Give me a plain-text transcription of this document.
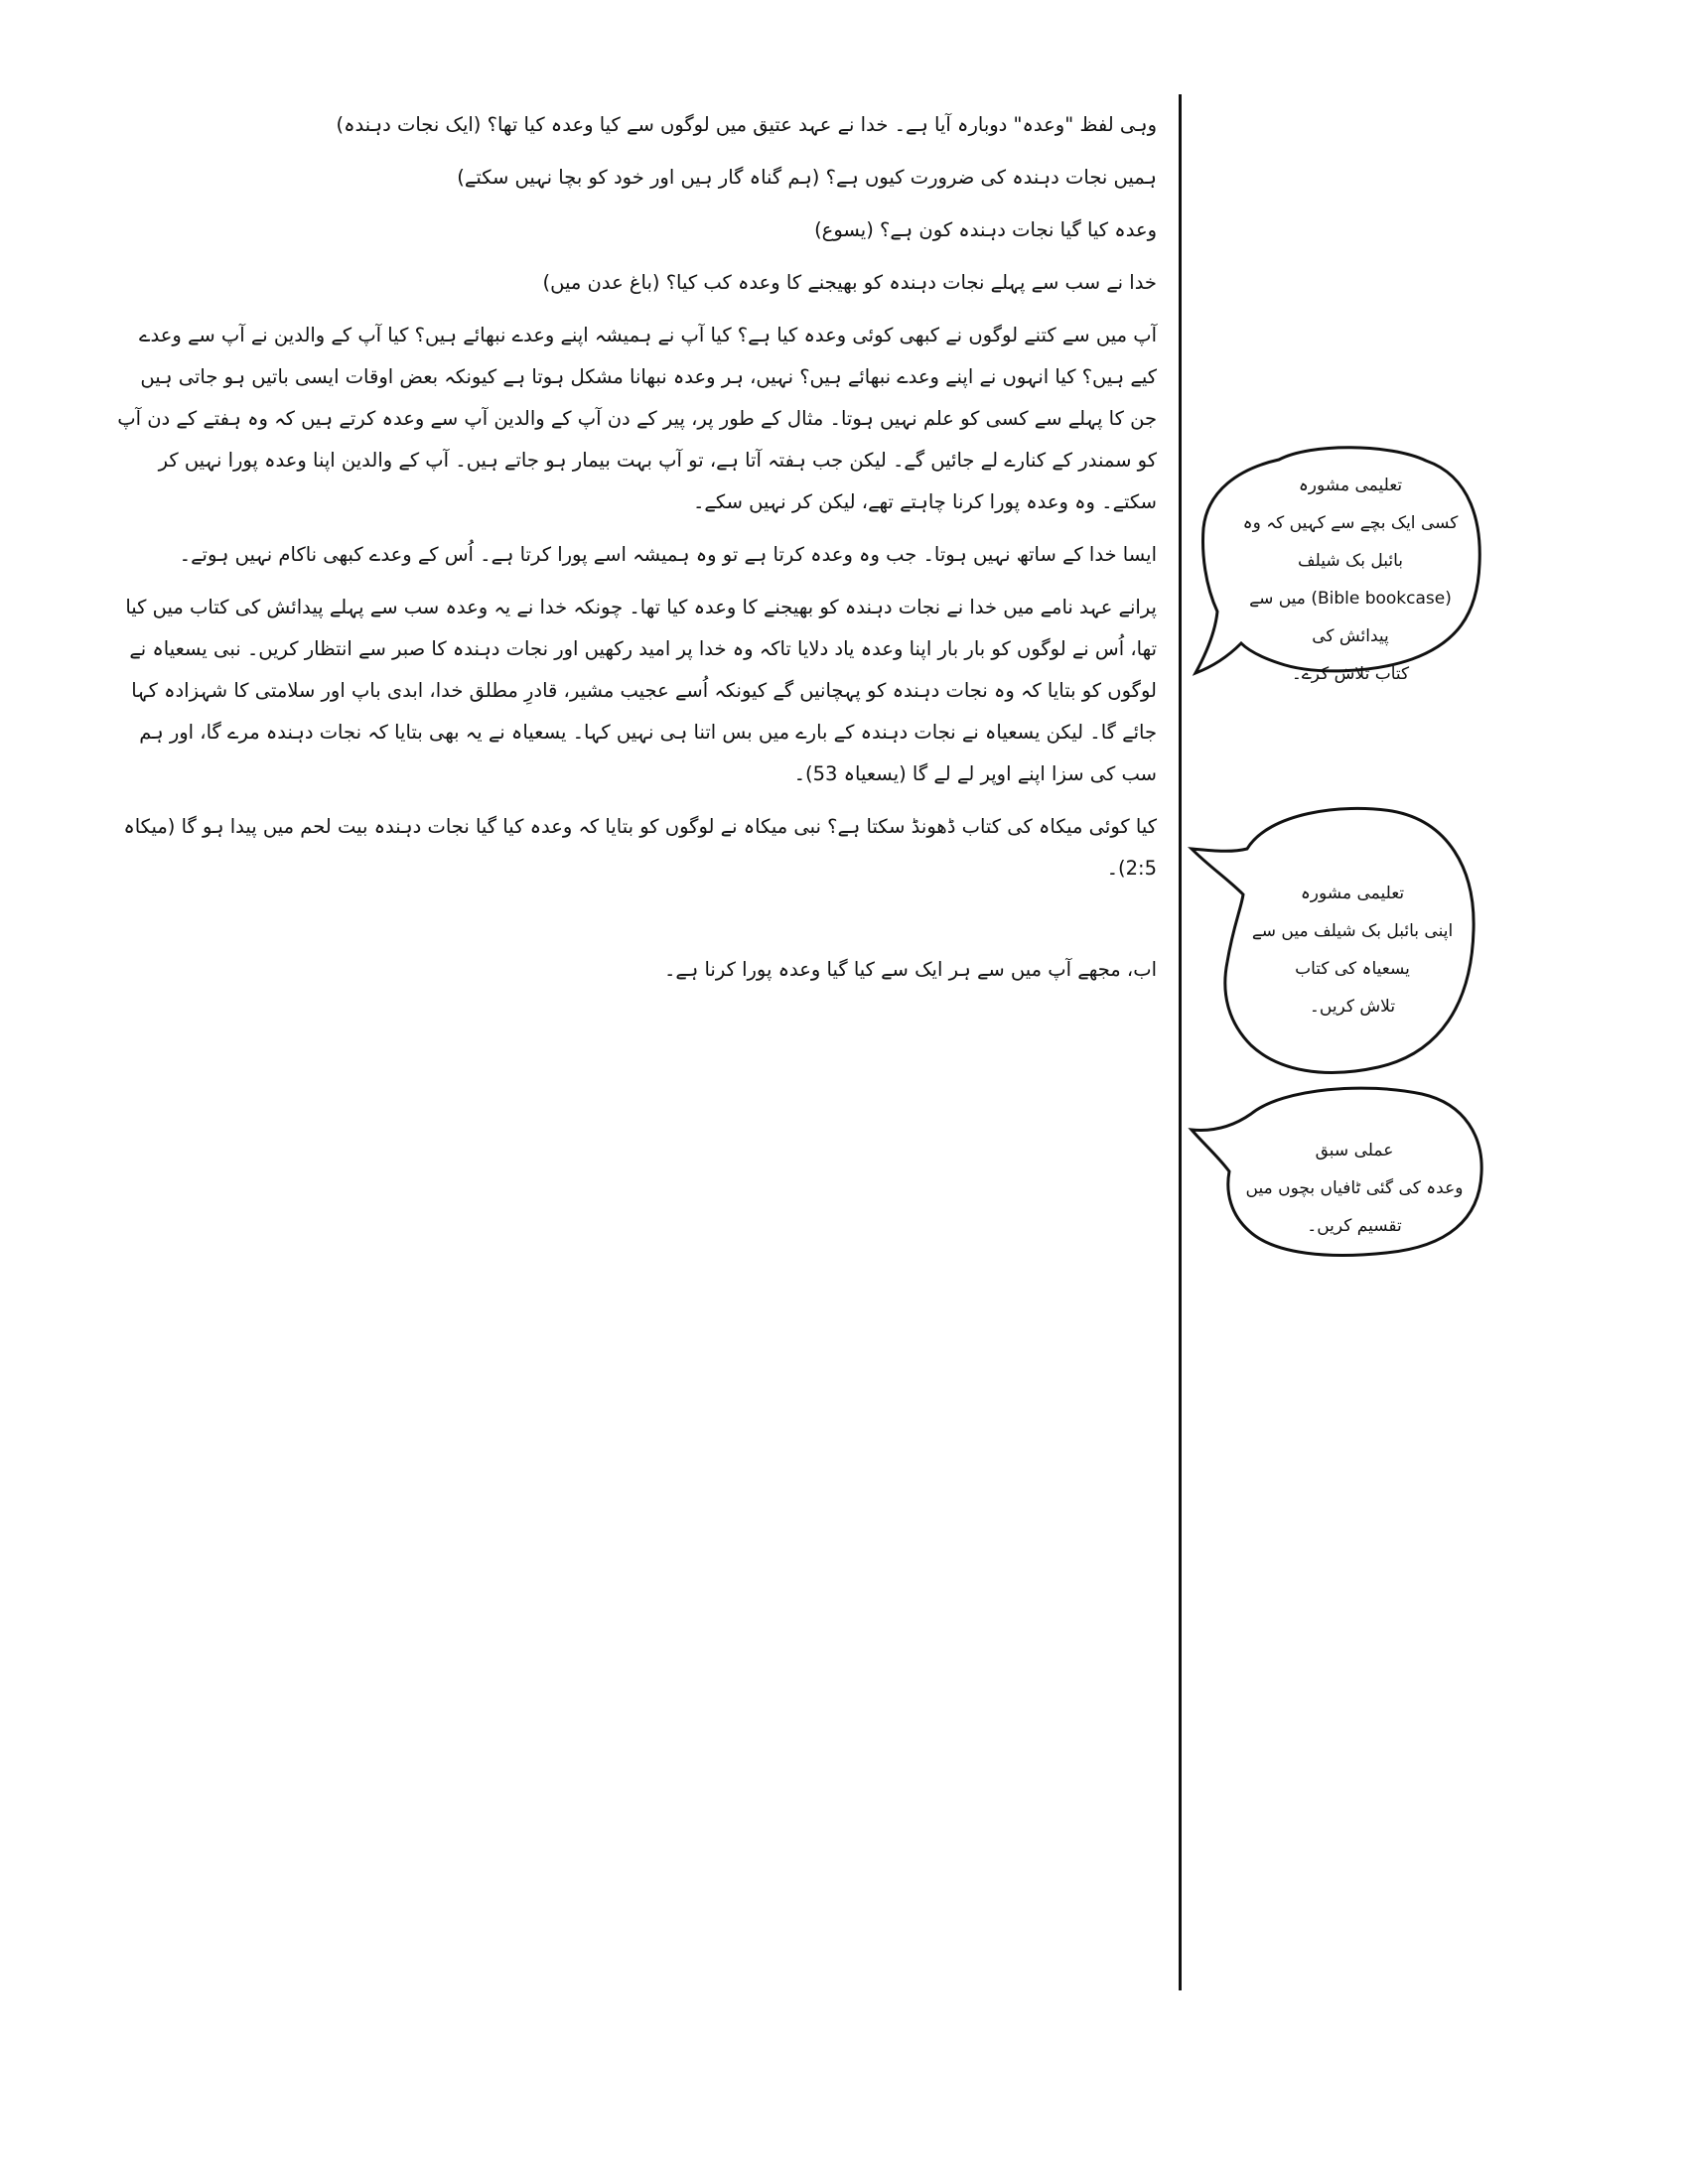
وہی لفظ "وعدہ" دوبارہ آیا ہے۔ خدا نے عہد عتیق میں لوگوں سے کیا وعدہ کیا تھا؟ (ایک نجات دہندہ)

ہمیں نجات دہندہ کی ضرورت کیوں ہے؟ (ہم گناہ گار ہیں اور خود کو بچا نہیں سکتے)

وعدہ کیا گیا نجات دہندہ کون ہے؟ (یسوع)

خدا نے سب سے پہلے نجات دہندہ کو بھیجنے کا وعدہ کب کیا؟ (باغ عدن میں)

آپ میں سے کتنے لوگوں نے کبھی کوئی وعدہ کیا ہے؟ کیا آپ نے ہمیشہ اپنے وعدے نبھائے ہیں؟ کیا آپ کے والدین نے آپ سے وعدے کیے ہیں؟ کیا انہوں نے اپنے وعدے نبھائے ہیں؟ نہیں، ہر وعدہ نبھانا مشکل ہوتا ہے کیونکہ بعض اوقات ایسی باتیں ہو جاتی ہیں جن کا پہلے سے کسی کو علم نہیں ہوتا۔ مثال کے طور پر، پیر کے دن آپ کے والدین آپ سے وعدہ کرتے ہیں کہ وہ ہفتے کے دن آپ کو سمندر کے کنارے لے جائیں گے۔ لیکن جب ہفتہ آتا ہے، تو آپ بہت بیمار ہو جاتے ہیں۔ آپ کے والدین اپنا وعدہ پورا نہیں کر سکتے۔ وہ وعدہ پورا کرنا چاہتے تھے، لیکن کر نہیں سکے۔

ایسا خدا کے ساتھ نہیں ہوتا۔ جب وہ وعدہ کرتا ہے تو وہ ہمیشہ اسے پورا کرتا ہے۔ اُس کے وعدے کبھی ناکام نہیں ہوتے۔

پرانے عہد نامے میں خدا نے نجات دہندہ کو بھیجنے کا وعدہ کیا تھا۔ چونکہ خدا نے یہ وعدہ سب سے پہلے پیدائش کی کتاب میں کیا تھا، اُس نے لوگوں کو بار بار اپنا وعدہ یاد دلایا تاکہ وہ خدا پر امید رکھیں اور نجات دہندہ کا صبر سے انتظار کریں۔ نبی یسعیاہ نے لوگوں کو بتایا کہ وہ نجات دہندہ کو پہچانیں گے کیونکہ اُسے عجیب مشیر، قادرِ مطلق خدا، ابدی باپ اور سلامتی کا شہزادہ کہا جائے گا۔ لیکن یسعیاہ نے نجات دہندہ کے بارے میں بس اتنا ہی نہیں کہا۔ یسعیاہ نے یہ بھی بتایا کہ نجات دہندہ مرے گا، اور ہم سب کی سزا اپنے اوپر لے لے گا (یسعیاہ 53)۔

کیا کوئی میکاہ کی کتاب ڈھونڈ سکتا ہے؟ نبی میکاہ نے لوگوں کو بتایا کہ وعدہ کیا گیا نجات دہندہ بیت لحم میں پیدا ہو گا (میکاہ 2:5)۔

اب، مجھے آپ میں سے ہر ایک سے کیا گیا وعدہ پورا کرنا ہے۔

تعلیمی مشورہ
کسی ایک بچے سے کہیں کہ وہ بائبل بک شیلف
(Bible bookcase) میں سے پیدائش کی
کتاب تلاش کرے۔
تعلیمی مشورہ
اپنی بائبل بک شیلف میں سے یسعیاہ کی کتاب
تلاش کریں۔
عملی سبق
وعدہ کی گئی ٹافیاں بچوں میں تقسیم کریں۔
